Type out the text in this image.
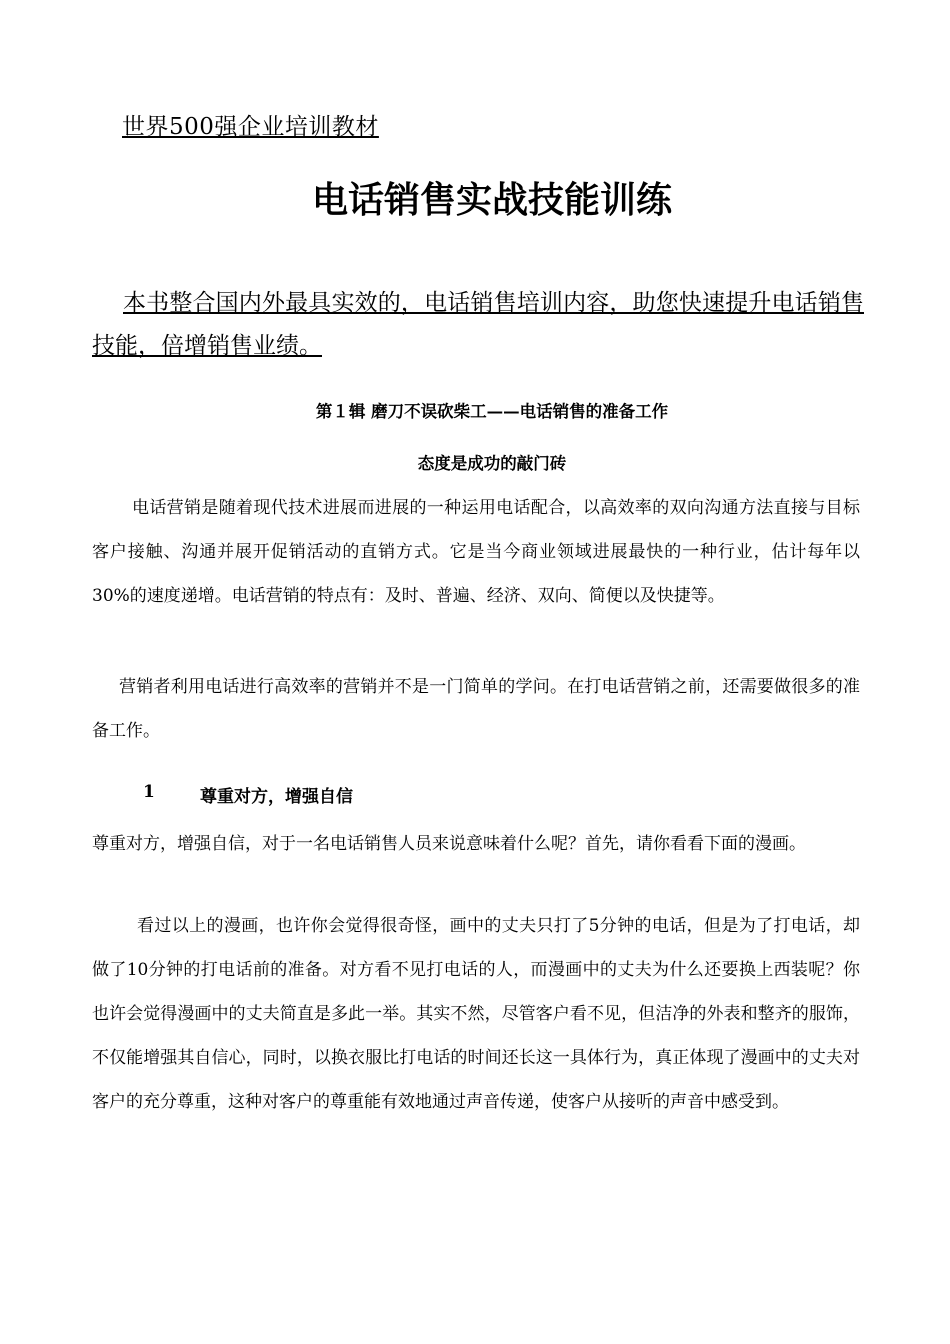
世界500强企业培训教材
电话销售实战技能训练
本书整合国内外最具实效的，电话销售培训内容，助您快速提升电话销售技能，倍增销售业绩。
第１辑 磨刀不误砍柴工——电话销售的准备工作
态度是成功的敲门砖

电话营销是随着现代技术进展而进展的一种运用电话配合，以高效率的双向沟通方法直接与目标客户接触、沟通并展开促销活动的直销方式。它是当今商业领域进展最快的一种行业，估计每年以30%的速度递增。电话营销的特点有：及时、普遍、经济、双向、简便以及快捷等。

营销者利用电话进行高效率的营销并不是一门简单的学问。在打电话营销之前，还需要做很多的准备工作。

1	尊重对方，增强自信

尊重对方，增强自信，对于一名电话销售人员来说意味着什么呢？首先，请你看看下面的漫画。

看过以上的漫画，也许你会觉得很奇怪，画中的丈夫只打了5分钟的电话，但是为了打电话，却做了10分钟的打电话前的准备。对方看不见打电话的人，而漫画中的丈夫为什么还要换上西装呢？你也许会觉得漫画中的丈夫简直是多此一举。其实不然，尽管客户看不见，但洁净的外表和整齐的服饰，不仅能增强其自信心，同时，以换衣服比打电话的时间还长这一具体行为，真正体现了漫画中的丈夫对客户的充分尊重，这种对客户的尊重能有效地通过声音传递，使客户从接听的声音中感受到。
